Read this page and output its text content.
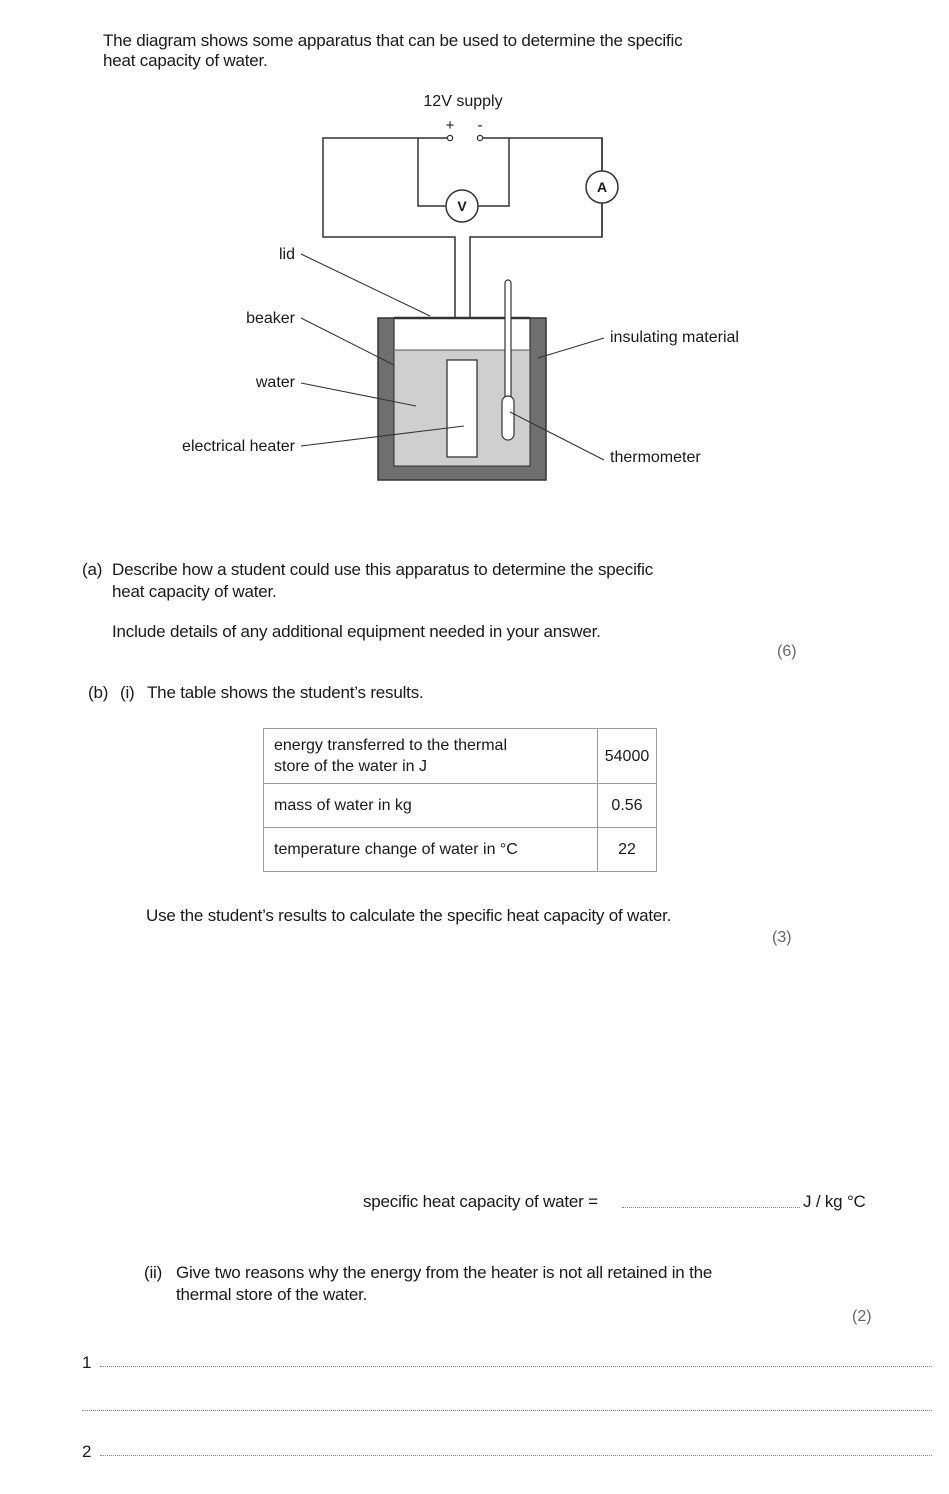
The diagram shows some apparatus that can be used to determine the specific
heat capacity of water.
12V supply
+ -
V
A
lid
beaker
water
electrical heater
insulating material
thermometer
(a) Describe how a student could use this apparatus to determine the specific
heat capacity of water.
Include details of any additional equipment needed in your answer.
(6)
(b) (i) The table shows the student’s results.
energy transferred to the thermal
store of the water in J	54000
mass of water in kg	0.56
temperature change of water in °C	22
Use the student’s results to calculate the specific heat capacity of water.
(3)
specific heat capacity of water =	J / kg °C
(ii) Give two reasons why the energy from the heater is not all retained in the
thermal store of the water.
(2)
1
2
